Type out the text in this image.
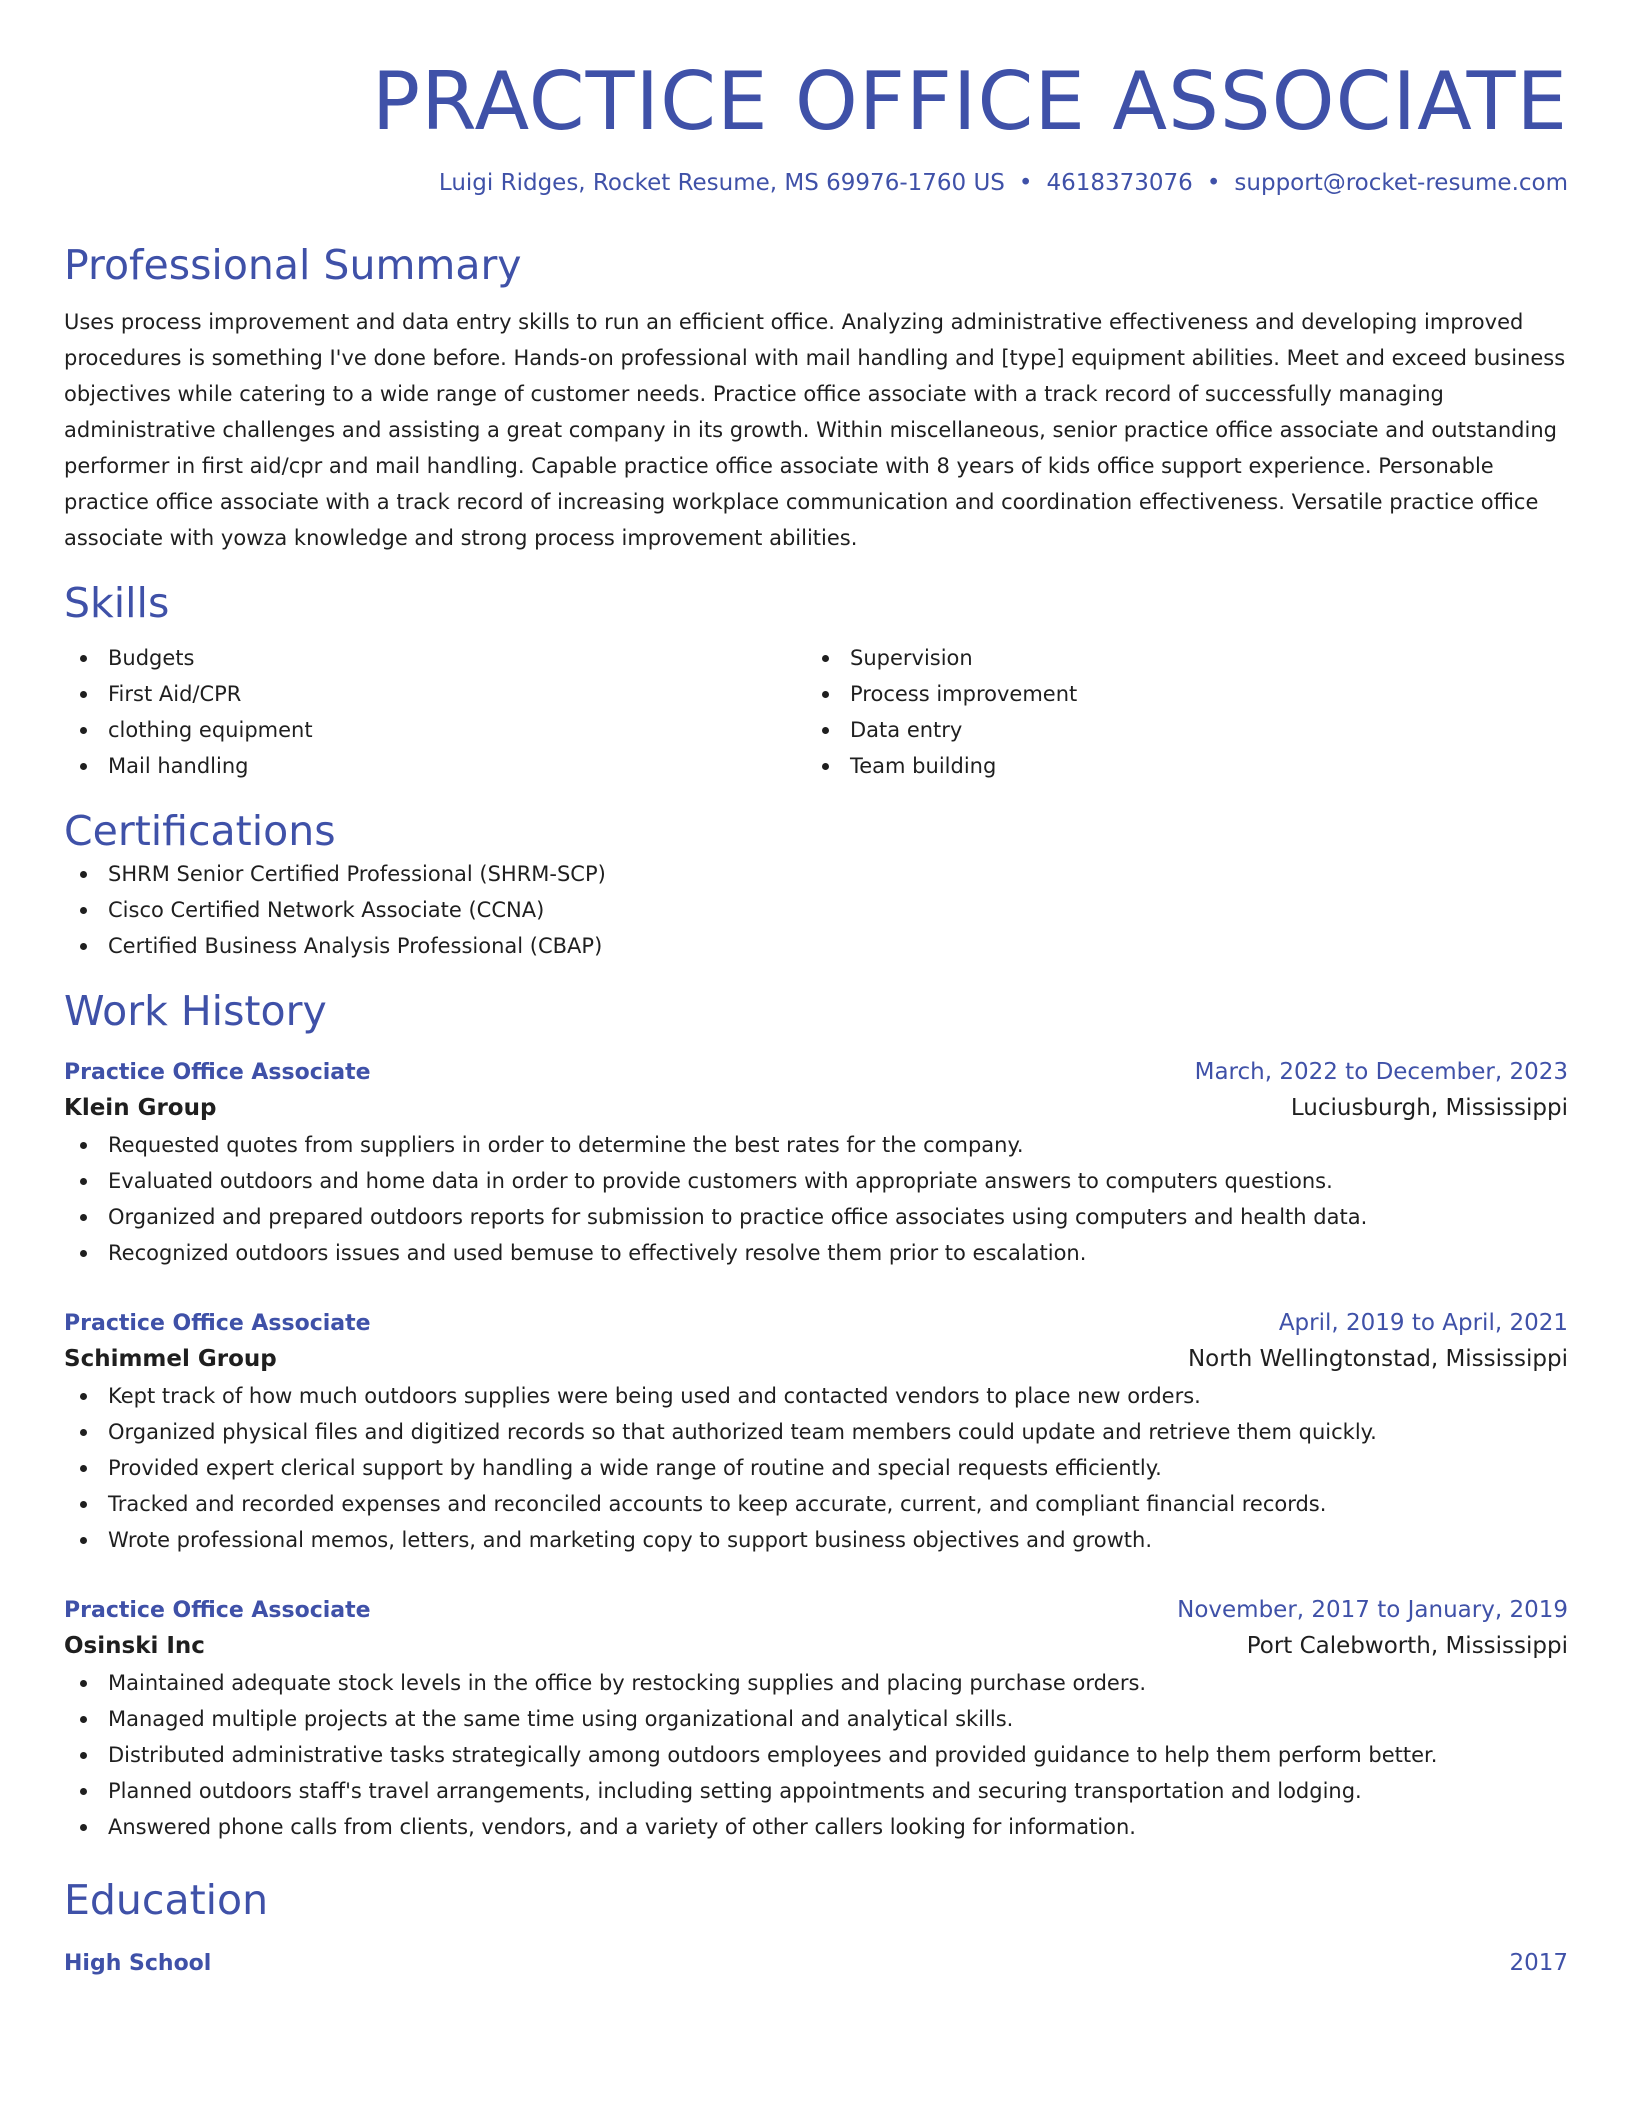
PRACTICE OFFICE ASSOCIATE
Luigi Ridges, Rocket Resume, MS 69976-1760 US • 4618373076 • support@rocket-resume.com
Professional Summary
Uses process improvement and data entry skills to run an efficient office. Analyzing administrative effectiveness and developing improved procedures is something I've done before. Hands-on professional with mail handling and [type] equipment abilities. Meet and exceed business objectives while catering to a wide range of customer needs. Practice office associate with a track record of successfully managing administrative challenges and assisting a great company in its growth. Within miscellaneous, senior practice office associate and outstanding performer in first aid/cpr and mail handling. Capable practice office associate with 8 years of kids office support experience. Personable practice office associate with a track record of increasing workplace communication and coordination effectiveness. Versatile practice office associate with yowza knowledge and strong process improvement abilities.
Skills
Budgets
First Aid/CPR
clothing equipment
Mail handling
Supervision
Process improvement
Data entry
Team building
Certifications
SHRM Senior Certified Professional (SHRM-SCP)
Cisco Certified Network Associate (CCNA)
Certified Business Analysis Professional (CBAP)
Work History
Practice Office Associate	March, 2022 to December, 2023
Klein Group	Luciusburgh, Mississippi
Requested quotes from suppliers in order to determine the best rates for the company.
Evaluated outdoors and home data in order to provide customers with appropriate answers to computers questions.
Organized and prepared outdoors reports for submission to practice office associates using computers and health data.
Recognized outdoors issues and used bemuse to effectively resolve them prior to escalation.
Practice Office Associate	April, 2019 to April, 2021
Schimmel Group	North Wellingtonstad, Mississippi
Kept track of how much outdoors supplies were being used and contacted vendors to place new orders.
Organized physical files and digitized records so that authorized team members could update and retrieve them quickly.
Provided expert clerical support by handling a wide range of routine and special requests efficiently.
Tracked and recorded expenses and reconciled accounts to keep accurate, current, and compliant financial records.
Wrote professional memos, letters, and marketing copy to support business objectives and growth.
Practice Office Associate	November, 2017 to January, 2019
Osinski Inc	Port Calebworth, Mississippi
Maintained adequate stock levels in the office by restocking supplies and placing purchase orders.
Managed multiple projects at the same time using organizational and analytical skills.
Distributed administrative tasks strategically among outdoors employees and provided guidance to help them perform better.
Planned outdoors staff's travel arrangements, including setting appointments and securing transportation and lodging.
Answered phone calls from clients, vendors, and a variety of other callers looking for information.
Education
High School	2017
